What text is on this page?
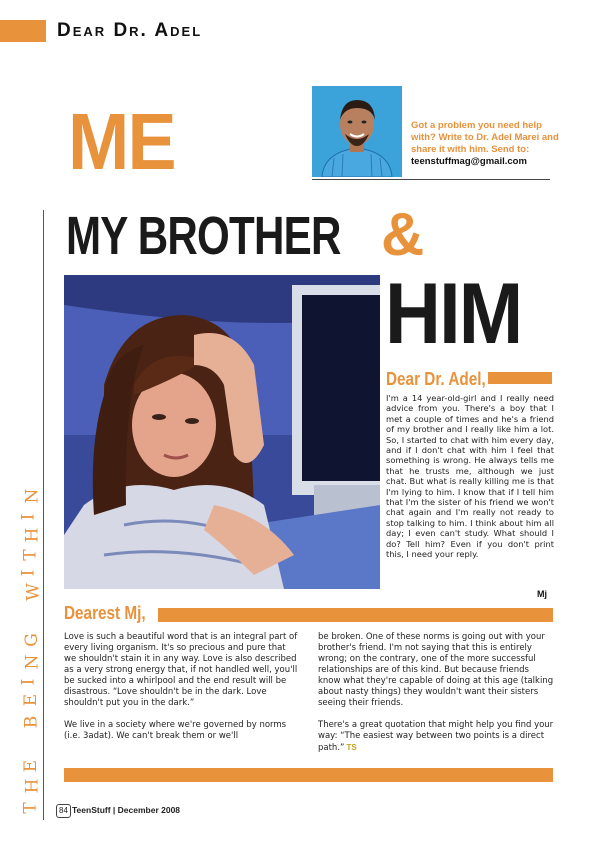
Dear Dr. Adel
Got a problem you need help with? Write to Dr. Adel Marei and share it with him. Send to:
teenstuffmag@gmail.com
ME
MY BROTHER &
HIM
T
H
E
B
E
I
N
G
W
I
T
H
I
N
Dear Dr. Adel,
I'm a 14 year-old-girl and I really need advice from you. There's a boy that I met a couple of times and he's a friend of my brother and I really like him a lot. So, I started to chat with him every day, and if I don't chat with him I feel that something is wrong. He always tells me that he trusts me, although we just chat. But what is really killing me is that I'm lying to him. I know that if I tell him that I'm the sister of his friend we won't chat again and I'm really not ready to stop talking to him. I think about him all day; I even can't study. What should I do? Tell him? Even if you don't print this, I need your reply.
Mj
Dearest Mj,

Love is such a beautiful word that is an integral part of every living organism. It's so precious and pure that we shouldn't stain it in any way. Love is also described as a very strong energy that, if not handled well, you'll be sucked into a whirlpool and the end result will be disastrous. “Love shouldn't be in the dark. Love shouldn't put you in the dark.”

We live in a society where we're governed by norms (i.e. 3adat). We can't break them or we'll

be broken. One of these norms is going out with your brother's friend. I'm not saying that this is entirely wrong; on the contrary, one of the more successful relationships are of this kind. But because friends know what they're capable of doing at this age (talking about nasty things) they wouldn't want their sisters seeing their friends.

There's a great quotation that might help you find your way: “The easiest way between two points is a direct path.” TS

84 TeenStuff | December 2008
